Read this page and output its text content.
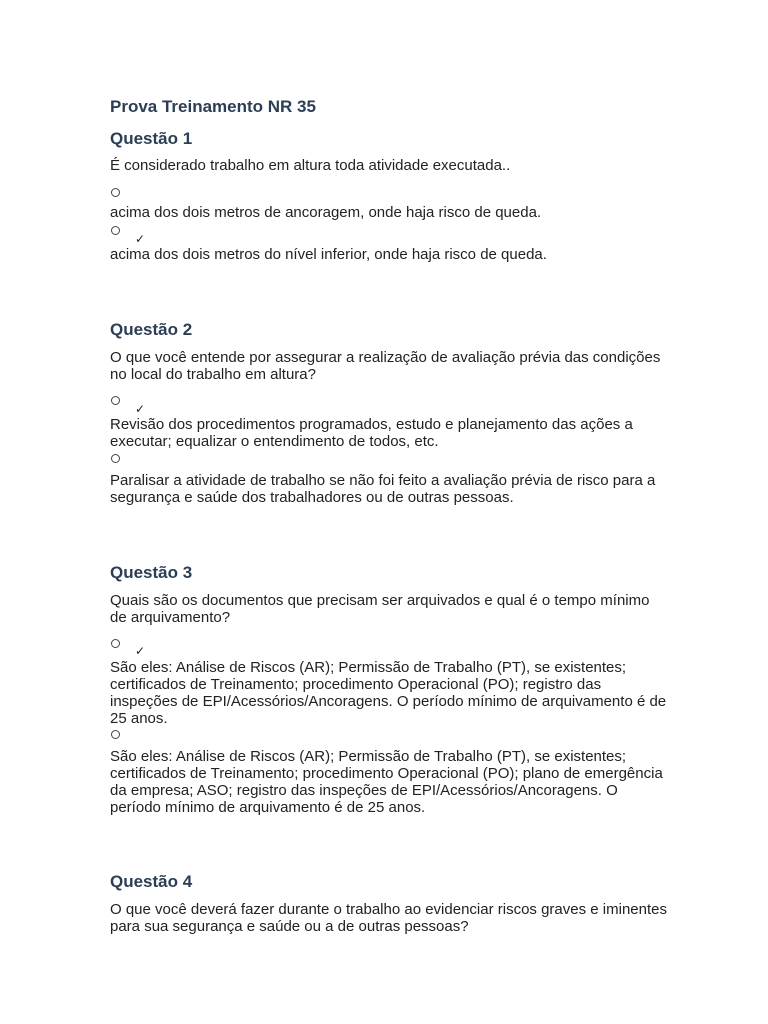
Prova Treinamento NR 35
Questão 1

É considerado trabalho em altura toda atividade executada..

acima dos dois metros de ancoragem, onde haja risco de queda.

✓

acima dos dois metros do nível inferior, onde haja risco de queda.

Questão 2

O que você entende por assegurar a realização de avaliação prévia das condições no local do trabalho em altura?

✓

Revisão dos procedimentos programados, estudo e planejamento das ações a executar; equalizar o entendimento de todos, etc.

Paralisar a atividade de trabalho se não foi feito a avaliação prévia de risco para a segurança e saúde dos trabalhadores ou de outras pessoas.

Questão 3

Quais são os documentos que precisam ser arquivados e qual é o tempo mínimo de arquivamento?

✓

São eles: Análise de Riscos (AR); Permissão de Trabalho (PT), se existentes; certificados de Treinamento; procedimento Operacional (PO); registro das inspeções de EPI/Acessórios/Ancoragens. O período mínimo de arquivamento é de 25 anos.

São eles: Análise de Riscos (AR); Permissão de Trabalho (PT), se existentes; certificados de Treinamento; procedimento Operacional (PO); plano de emergência da empresa; ASO; registro das inspeções de EPI/Acessórios/Ancoragens. O período mínimo de arquivamento é de 25 anos.

Questão 4

O que você deverá fazer durante o trabalho ao evidenciar riscos graves e iminentes para sua segurança e saúde ou a de outras pessoas?
